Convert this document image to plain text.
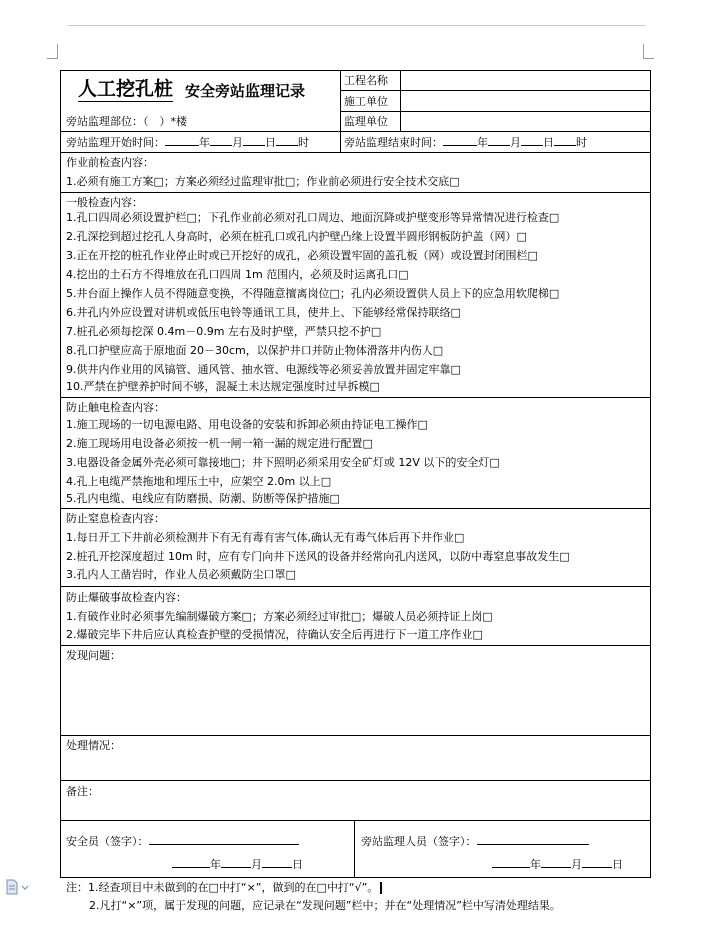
人工挖孔桩 安全旁站监理记录
工程名称
施工单位
监理单位
旁站监理部位：（　）*楼
旁站监理开始时间：	年 月 日 时	旁站监理结束时间：	年 月 日 时
作业前检查内容：
1.必须有施工方案□；方案必须经过监理审批□；作业前必须进行安全技术交底□
一般检查内容：
1.孔口四周必须设置护栏□；下孔作业前必须对孔口周边、地面沉降或护壁变形等异常情况进行检查□
2.孔深挖到超过挖孔人身高时，必须在桩孔口或孔内护壁凸缘上设置半圆形钢板防护盖（网）□
3.正在开挖的桩孔作业停止时或已开挖好的成孔，必须设置牢固的盖孔板（网）或设置封闭围栏□
4.挖出的土石方不得堆放在孔口四周 1m 范围内，必须及时运离孔口□
5.井台面上操作人员不得随意变换，不得随意擅离岗位□；孔内必须设置供人员上下的应急用软爬梯□
6.井孔内外应设置对讲机或低压电铃等通讯工具，使井上、下能够经常保持联络□
7.桩孔必须每挖深 0.4m－0.9m 左右及时护壁，严禁只挖不护□
8.孔口护壁应高于原地面 20－30cm，以保护井口并防止物体滑落井内伤人□
9.供井内作业用的风镐管、通风管、抽水管、电源线等必须妥善放置并固定牢靠□
10.严禁在护壁养护时间不够，混凝土未达规定强度时过早拆模□
防止触电检查内容：
1.施工现场的一切电源电路、用电设备的安装和拆卸必须由持证电工操作□
2.施工现场用电设备必须按一机一闸一箱一漏的规定进行配置□
3.电器设备金属外壳必须可靠接地□；井下照明必须采用安全矿灯或 12V 以下的安全灯□
4.孔上电缆严禁拖地和埋压土中，应架空 2.0m 以上□
5.孔内电缆、电线应有防磨损、防潮、防断等保护措施□
防止窒息检查内容：
1.每日开工下井前必须检测井下有无有毒有害气体,确认无有毒气体后再下井作业□
2.桩孔开挖深度超过 10m 时，应有专门向井下送风的设备并经常向孔内送风，以防中毒窒息事故发生□
3.孔内人工凿岩时，作业人员必须戴防尘口罩□
防止爆破事故检查内容：
1.有破作业时必须事先编制爆破方案□；方案必须经过审批□；爆破人员必须持证上岗□
2.爆破完毕下井后应认真检查护壁的受损情况，待确认安全后再进行下一道工序作业□
发现问题：
处理情况：
备注：
安全员（签字）：
年	月	日
旁站监理人员（签字）：
年	月	日
注：1.经查项目中未做到的在□中打“×”，做到的在□中打“√”。
2.凡打“×”项，属于发现的问题，应记录在“发现问题”栏中；并在“处理情况”栏中写清处理结果。
